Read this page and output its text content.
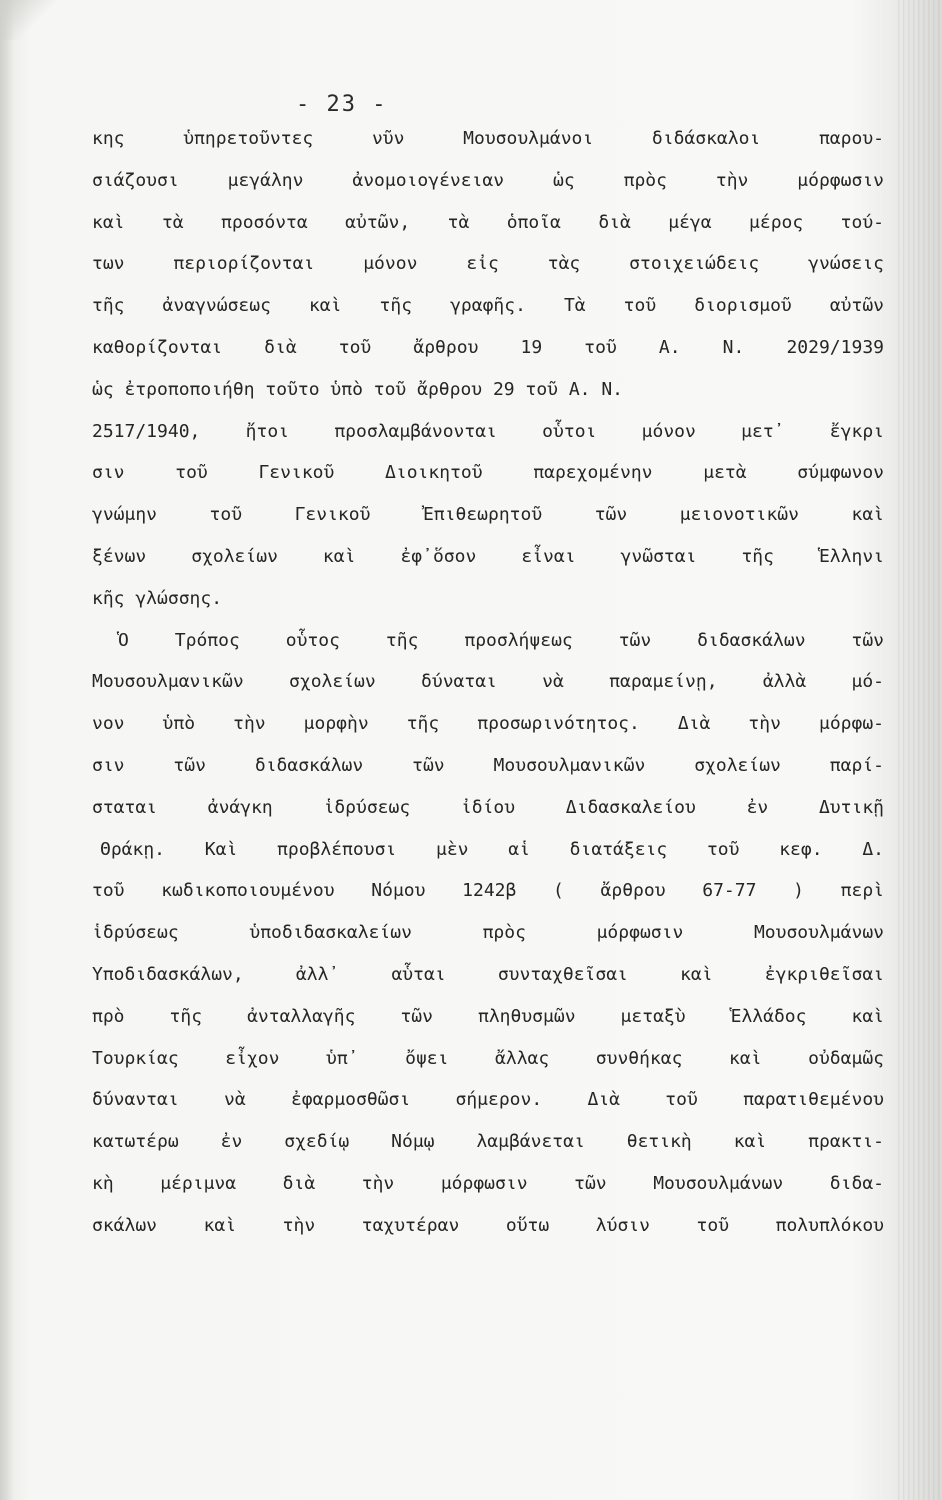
- 23 -
κης ὑπηρετοῦντες νῦν Μουσουλμάνοι διδάσκαλοι παρου-
σιάζουσι μεγάλην ἀνομοιογένειαν ὡς πρὸς τὴν μόρφωσιν
καὶ τὰ προσόντα αὐτῶν, τὰ ὁποῖα διὰ μέγα μέρος τού-
των περιορίζονται μόνον εἰς τὰς στοιχειώδεις γνώσεις
τῆς ἀναγνώσεως καὶ τῆς γραφῆς. Τὰ τοῦ διορισμοῦ αὐτῶν
καθορίζονται διὰ τοῦ ἄρθρου 19 τοῦ Α. Ν. 2029/1939
ὡς ἐτροποποιήθη τοῦτο ὑπὸ τοῦ ἄρθρου 29 τοῦ Α. Ν.
2517/1940, ἤτοι προσλαμβάνονται οὗτοι μόνον μετ᾽ ἔγκρι
σιν τοῦ Γενικοῦ Διοικητοῦ παρεχομένην μετὰ σύμφωνον
γνώμην τοῦ Γενικοῦ Ἐπιθεωρητοῦ τῶν μειονοτικῶν καὶ
ξένων σχολείων καὶ ἐφ᾽ὅσον εἶναι γνῶσται τῆς Ἑλληνι
κῆς γλώσσης.
Ὁ Τρόπος οὗτος τῆς προσλήψεως τῶν διδασκάλων τῶν
Μουσουλμανικῶν σχολείων δύναται νὰ παραμείνῃ, ἀλλὰ μό-
νον ὑπὸ τὴν μορφὴν τῆς προσωρινότητος. Διὰ τὴν μόρφω-
σιν τῶν διδασκάλων τῶν Μουσουλμανικῶν σχολείων παρί-
σταται ἀνάγκη ἱδρύσεως ἰδίου Διδασκαλείου ἐν Δυτικῇ
Θράκῃ. Καὶ προβλέπουσι μὲν αἱ διατάξεις τοῦ κεφ. Δ.
τοῦ κωδικοποιουμένου Νόμου 1242β ( ἄρθρου 67-77 ) περὶ
ἱδρύσεως ὑποδιδασκαλείων πρὸς μόρφωσιν Μουσουλμάνων
Ὑποδιδασκάλων, ἀλλ᾽ αὗται συνταχθεῖσαι καὶ ἐγκριθεῖσαι
πρὸ τῆς ἀνταλλαγῆς τῶν πληθυσμῶν μεταξὺ Ἑλλάδος καὶ
Τουρκίας εἶχον ὑπ᾽ ὄψει ἄλλας συνθήκας καὶ οὐδαμῶς
δύνανται νὰ ἐφαρμοσθῶσι σήμερον. Διὰ τοῦ παρατιθεμένου
κατωτέρω ἐν σχεδίῳ Νόμῳ λαμβάνεται θετικὴ καὶ πρακτι-
κὴ μέριμνα διὰ τὴν μόρφωσιν τῶν Μουσουλμάνων διδα-
σκάλων καὶ τὴν ταχυτέραν οὕτω λύσιν τοῦ πολυπλόκου
